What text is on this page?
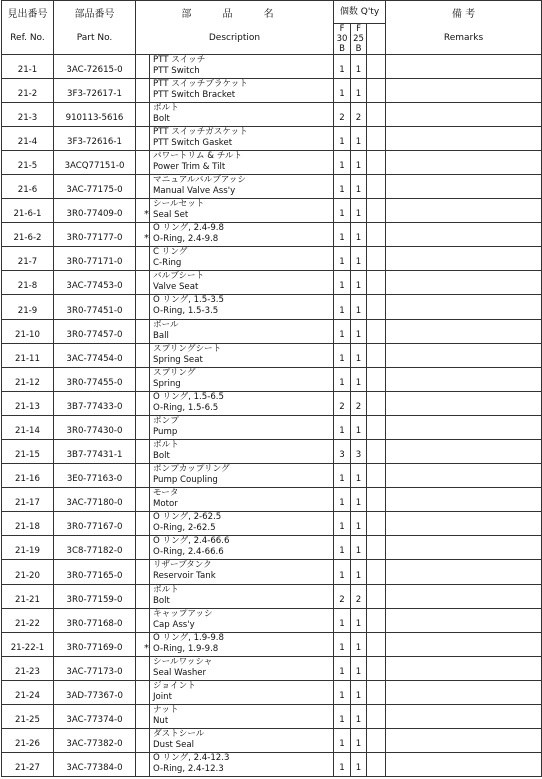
見出番号	部品番号	部 品 名		個数 Q'ty			備 考
Ref. No.	Part No.	Description		F
30
B	F
25
B		Remarks
21-1	3AC-72615-0		PTT スイッチ
PTT Switch	1	1		
21-2	3F3-72617-1		PTT スイッチブラケット
PTT Switch Bracket	1	1		
21-3	910113-5616		ボルト
Bolt	2	2		
21-4	3F3-72616-1		PTT スイッチガスケット
PTT Switch Gasket	1	1		
21-5	3ACQ77151-0		パワートリム & チルト
Power Trim & Tilt	1	1		
21-6	3AC-77175-0		マニュアルバルブアッシ
Manual Valve Ass'y	1	1		
21-6-1	3R0-77409-0	*	シールセット
Seal Set	1	1		
21-6-2	3R0-77177-0	*	O リング, 2.4-9.8
O-Ring, 2.4-9.8	1	1		
21-7	3R0-77171-0		C リング
C-Ring	1	1		
21-8	3AC-77453-0		バルブシート
Valve Seat	1	1		
21-9	3R0-77451-0		O リング, 1.5-3.5
O-Ring, 1.5-3.5	1	1		
21-10	3R0-77457-0		ボール
Ball	1	1		
21-11	3AC-77454-0		スプリングシート
Spring Seat	1	1		
21-12	3R0-77455-0		スプリング
Spring	1	1		
21-13	3B7-77433-0		O リング, 1.5-6.5
O-Ring, 1.5-6.5	2	2		
21-14	3R0-77430-0		ポンプ
Pump	1	1		
21-15	3B7-77431-1		ボルト
Bolt	3	3		
21-16	3E0-77163-0		ポンプカップリング
Pump Coupling	1	1		
21-17	3AC-77180-0		モータ
Motor	1	1		
21-18	3R0-77167-0		O リング, 2-62.5
O-Ring, 2-62.5	1	1		
21-19	3C8-77182-0		O リング, 2.4-66.6
O-Ring, 2.4-66.6	1	1		
21-20	3R0-77165-0		リザーブタンク
Reservoir Tank	1	1		
21-21	3R0-77159-0		ボルト
Bolt	2	2		
21-22	3R0-77168-0		キャップアッシ
Cap Ass'y	1	1		
21-22-1	3R0-77169-0	*	O リング, 1.9-9.8
O-Ring, 1.9-9.8	1	1		
21-23	3AC-77173-0		シールワッシャ
Seal Washer	1	1		
21-24	3AD-77367-0		ジョイント
Joint	1	1		
21-25	3AC-77374-0		ナット
Nut	1	1		
21-26	3AC-77382-0		ダストシール
Dust Seal	1	1		
21-27	3AC-77384-0		O リング, 2.4-12.3
O-Ring, 2.4-12.3	1	1		
